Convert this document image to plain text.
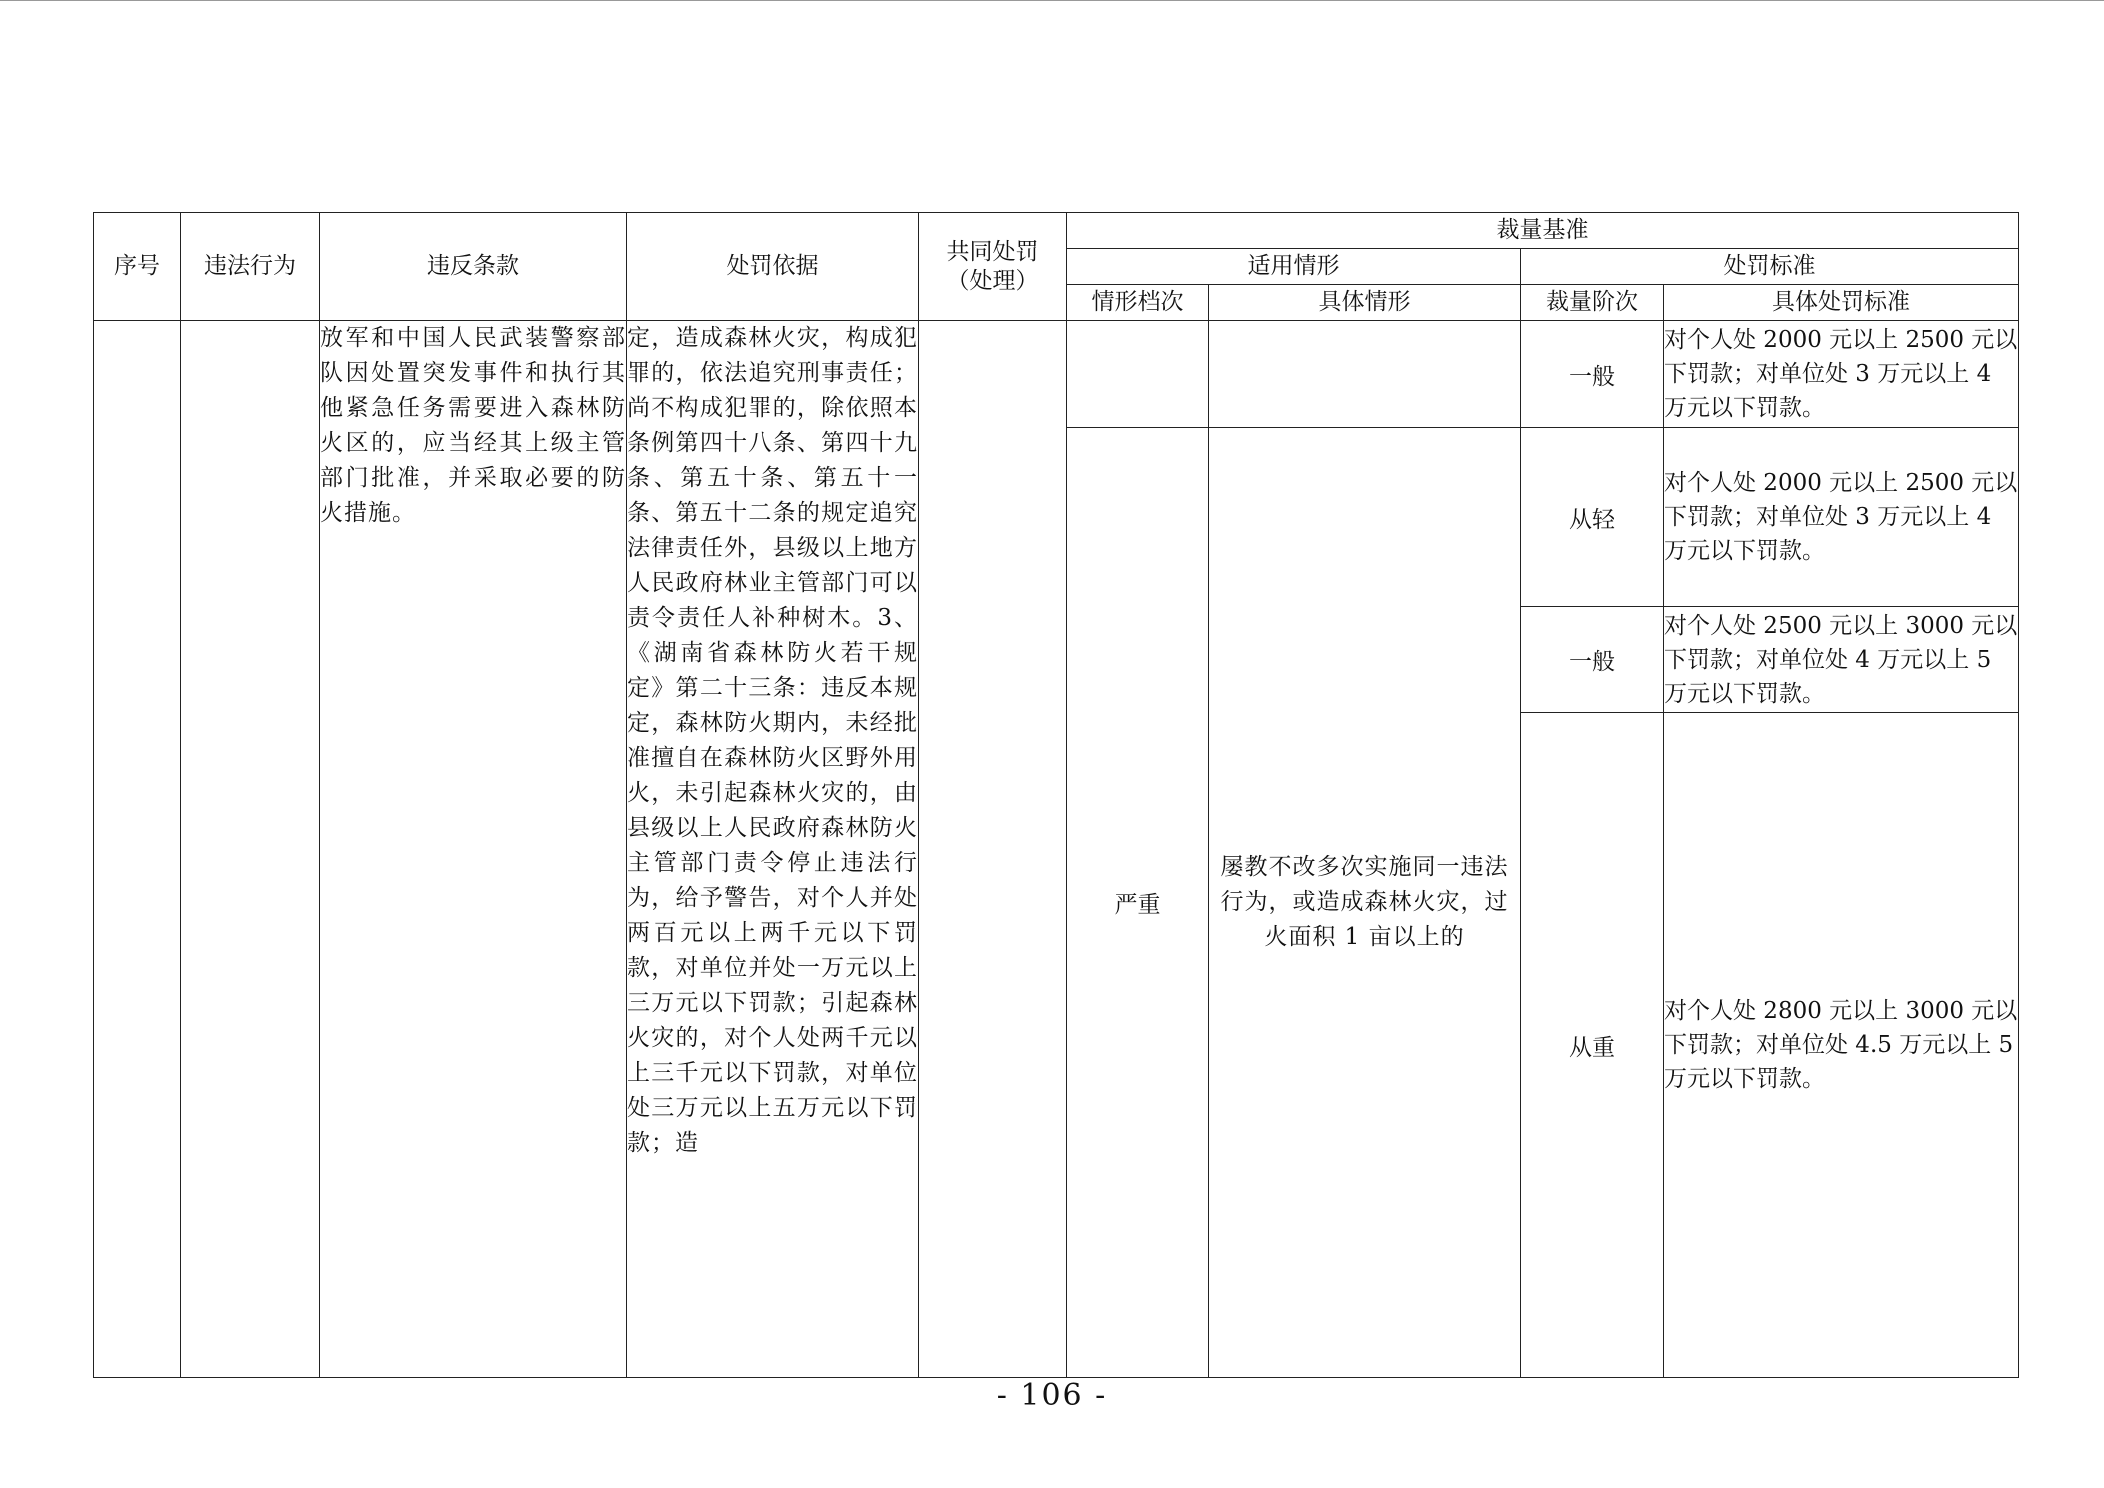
序号	违法行为	违反条款	处罚依据	共同处罚（处理）	裁量基准			
					适用情形		处罚标准	
					情形档次	具体情形	裁量阶次	具体处罚标准

		放军和中国人民武装警察部队因处置突发事件和执行其他紧急任务需要进入森林防火区的，应当经其上级主管部门批准，并采取必要的防火措施。	定，造成森林火灾，构成犯罪的，依法追究刑事责任；尚不构成犯罪的，除依照本条例第四十八条、第四十九条、第五十条、第五十一条、第五十二条的规定追究法律责任外，县级以上地方人民政府林业主管部门可以责令责任人补种树木。3、《湖南省森林防火若干规定》第二十三条：违反本规定，森林防火期内，未经批准擅自在森林防火区野外用火，未引起森林火灾的，由县级以上人民政府森林防火主管部门责令停止违法行为，给予警告，对个人并处两百元以上两千元以下罚款，对单位并处一万元以上三万元以下罚款；引起森林火灾的，对个人处两千元以上三千元以下罚款，对单位处三万元以上五万元以下罚款；造				一般	对个人处 2000 元以上 2500 元以下罚款；对单位处 3 万元以上 4 万元以下罚款。
					严重	屡教不改多次实施同一违法行为，或造成森林火灾，过火面积 1 亩以上的	从轻	对个人处 2000 元以上 2500 元以下罚款；对单位处 3 万元以上 4 万元以下罚款。
							一般	对个人处 2500 元以上 3000 元以下罚款；对单位处 4 万元以上 5 万元以下罚款。
							从重	对个人处 2800 元以上 3000 元以下罚款；对单位处 4.5 万元以上 5 万元以下罚款。
- 106 -
